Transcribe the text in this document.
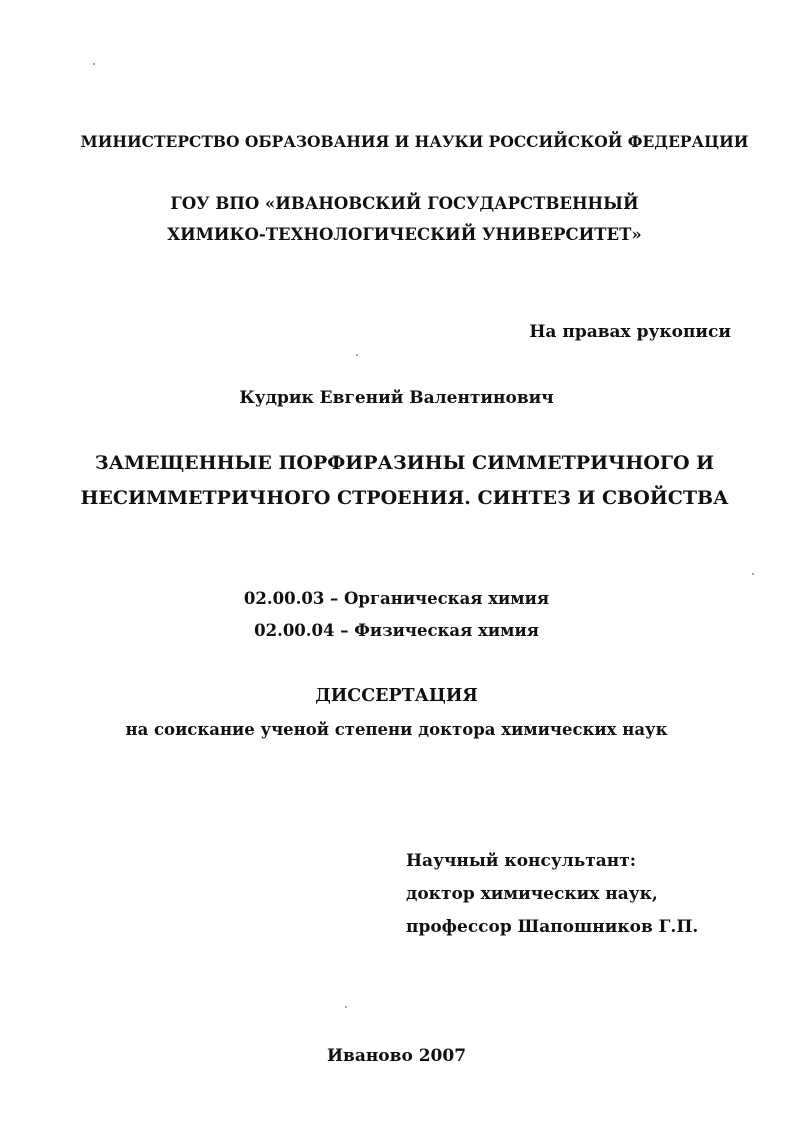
МИНИСТЕРСТВО ОБРАЗОВАНИЯ И НАУКИ РОССИЙСКОЙ ФЕДЕРАЦИИ
ГОУ ВПО «ИВАНОВСКИЙ ГОСУДАРСТВЕННЫЙ
ХИМИКО-ТЕХНОЛОГИЧЕСКИЙ УНИВЕРСИТЕТ»
На правах рукописи
Кудрик Евгений Валентинович
ЗАМЕЩЕННЫЕ ПОРФИРАЗИНЫ СИММЕТРИЧНОГО И
НЕСИММЕТРИЧНОГО СТРОЕНИЯ. СИНТЕЗ И СВОЙСТВА
02.00.03 – Органическая химия
02.00.04 – Физическая химия
ДИССЕРТАЦИЯ
на соискание ученой степени доктора химических наук
Научный консультант:
доктор химических наук,
профессор Шапошников Г.П.
Иваново 2007
